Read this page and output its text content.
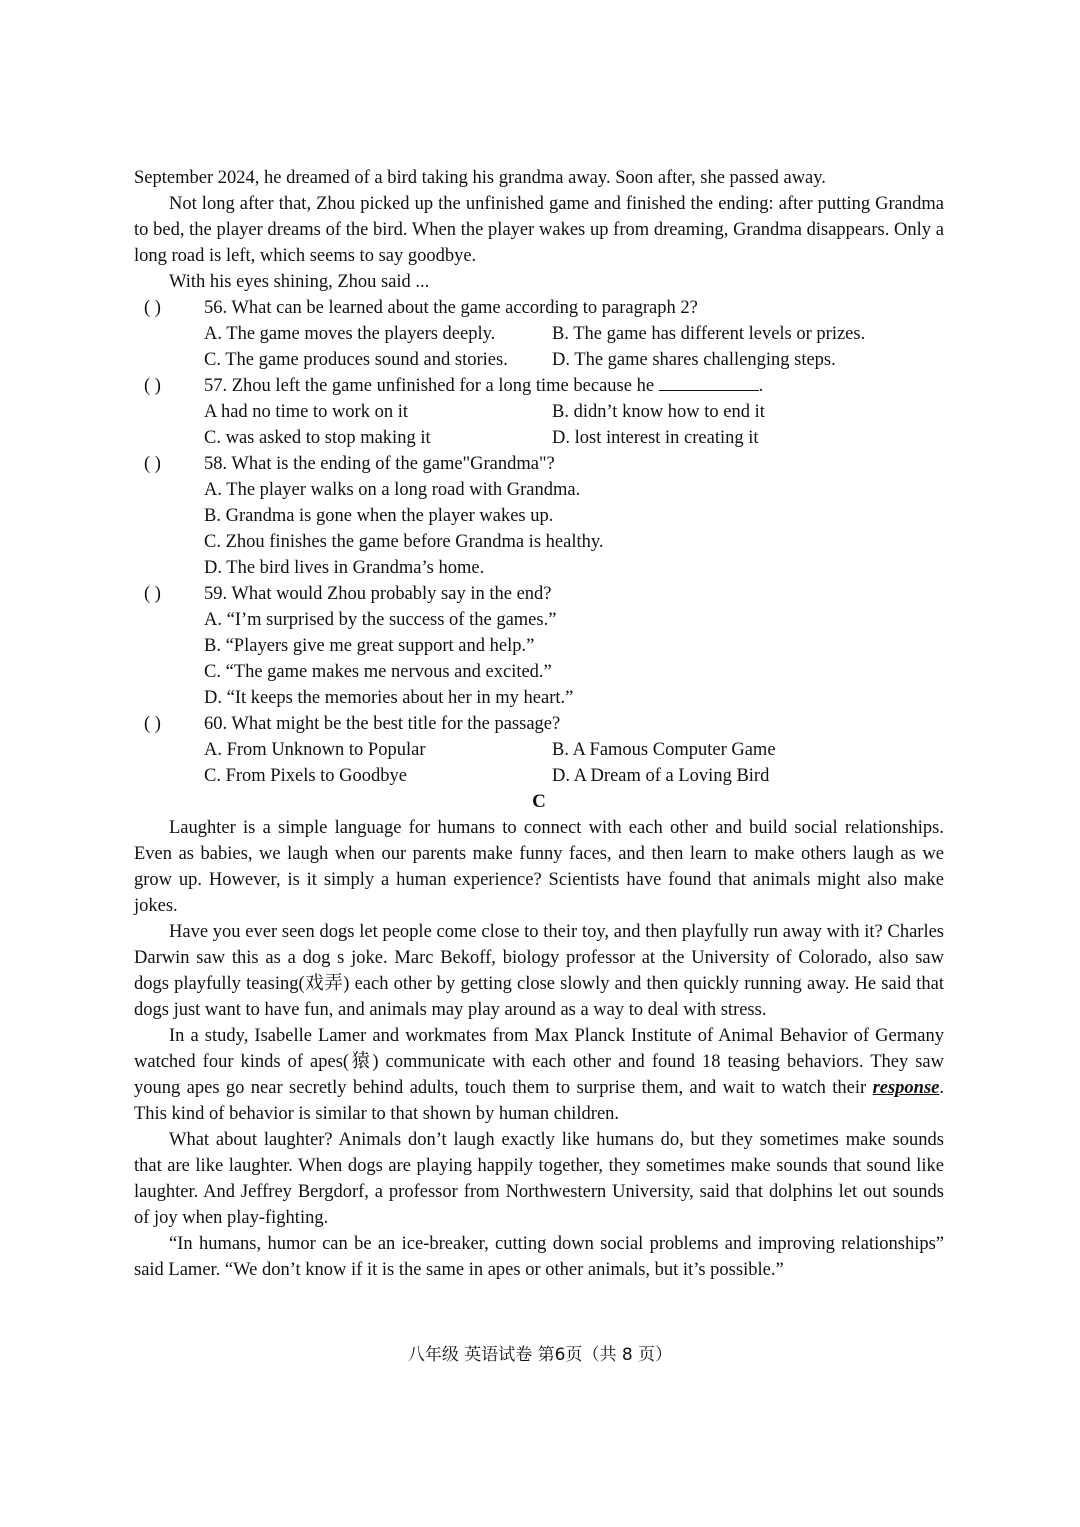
September 2024, he dreamed of a bird taking his grandma away. Soon after, she passed away.

Not long after that, Zhou picked up the unfinished game and finished the ending: after putting Grandma to bed, the player dreams of the bird. When the player wakes up from dreaming, Grandma disappears. Only a long road is left, which seems to say goodbye.

With his eyes shining, Zhou said ...

( ) 56. What can be learned about the game according to paragraph 2?

A. The game moves the players deeply.	B. The game has different levels or prizes.
C. The game produces sound and stories.	D. The game shares challenging steps.

( ) 57. Zhou left the game unfinished for a long time because he	.

A had no time to work on it	B. didn’t know how to end it
C. was asked to stop making it	D. lost interest in creating it

( ) 58. What is the ending of the game"Grandma"?

A. The player walks on a long road with Grandma.

B. Grandma is gone when the player wakes up.

C. Zhou finishes the game before Grandma is healthy.

D. The bird lives in Grandma’s home.

( ) 59. What would Zhou probably say in the end?

A. “I’m surprised by the success of the games.”

B. “Players give me great support and help.”

C. “The game makes me nervous and excited.”

D. “It keeps the memories about her in my heart.”

( ) 60. What might be the best title for the passage?

A. From Unknown to Popular	B. A Famous Computer Game
C. From Pixels to Goodbye	D. A Dream of a Loving Bird

C

Laughter is a simple language for humans to connect with each other and build social relationships. Even as babies, we laugh when our parents make funny faces, and then learn to make others laugh as we grow up. However, is it simply a human experience? Scientists have found that animals might also make jokes.

Have you ever seen dogs let people come close to their toy, and then playfully run away with it? Charles Darwin saw this as a dog s joke. Marc Bekoff, biology professor at the University of Colorado, also saw dogs playfully teasing(戏弄) each other by getting close slowly and then quickly running away. He said that dogs just want to have fun, and animals may play around as a way to deal with stress.

In a study, Isabelle Lamer and workmates from Max Planck Institute of Animal Behavior of Germany watched four kinds of apes(猿) communicate with each other and found 18 teasing behaviors. They saw young apes go near secretly behind adults, touch them to surprise them, and wait to watch their response. This kind of behavior is similar to that shown by human children.

What about laughter? Animals don’t laugh exactly like humans do, but they sometimes make sounds that are like laughter. When dogs are playing happily together, they sometimes make sounds that sound like laughter. And Jeffrey Bergdorf, a professor from Northwestern University, said that dolphins let out sounds of joy when play-fighting.

“In humans, humor can be an ice-breaker, cutting down social problems and improving relationships” said Lamer. “We don’t know if it is the same in apes or other animals, but it’s possible.”

八年级 英语试卷 第6页（共 8 页）
